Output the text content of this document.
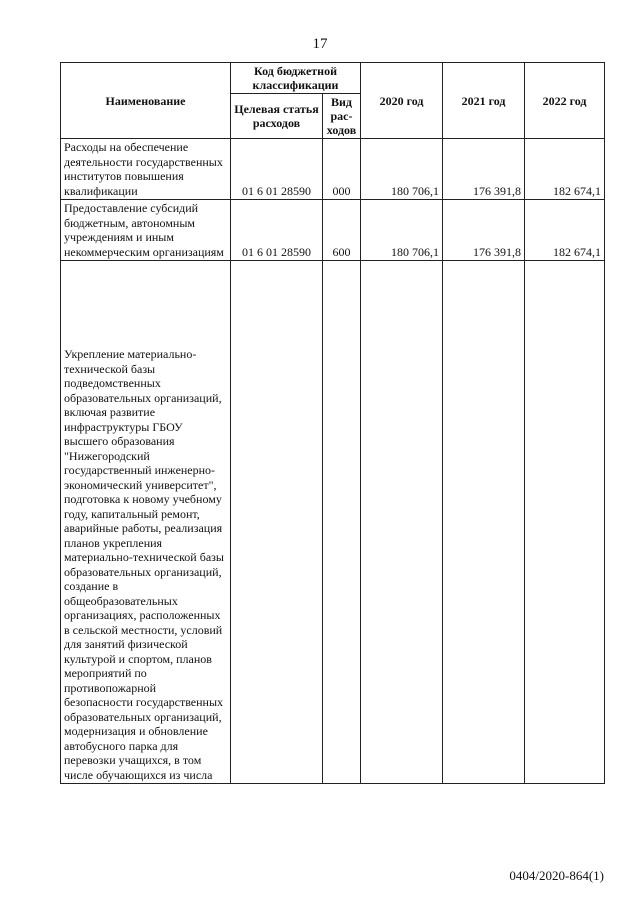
17
Наименование	Код бюджетной классификации		2020 год	2021 год	2022 год
	Целевая статья расходов	Вид рас-ходов			
Расходы на обеспечение деятельности государственных институтов повышения квалификации	01 6 01 28590	000	180 706,1	176 391,8	182 674,1
Предоставление субсидий бюджетным, автономным учреждениям и иным некоммерческим организациям	01 6 01 28590	600	180 706,1	176 391,8	182 674,1
Укрепление материально-технической базы подведомственных образовательных организаций, включая развитие инфраструктуры ГБОУ высшего образования "Нижегородский государственный инженерно-экономический университет", подготовка к новому учебному году, капитальный ремонт, аварийные работы, реализация планов укрепления материально-технической базы образовательных организаций, создание в общеобразовательных организациях, расположенных в сельской местности, условий для занятий физической культурой и спортом, планов мероприятий по противопожарной безопасности государственных образовательных организаций, модернизация и обновление автобусного парка для перевозки учащихся, в том числе обучающихся из числа					
0404/2020-864(1)
